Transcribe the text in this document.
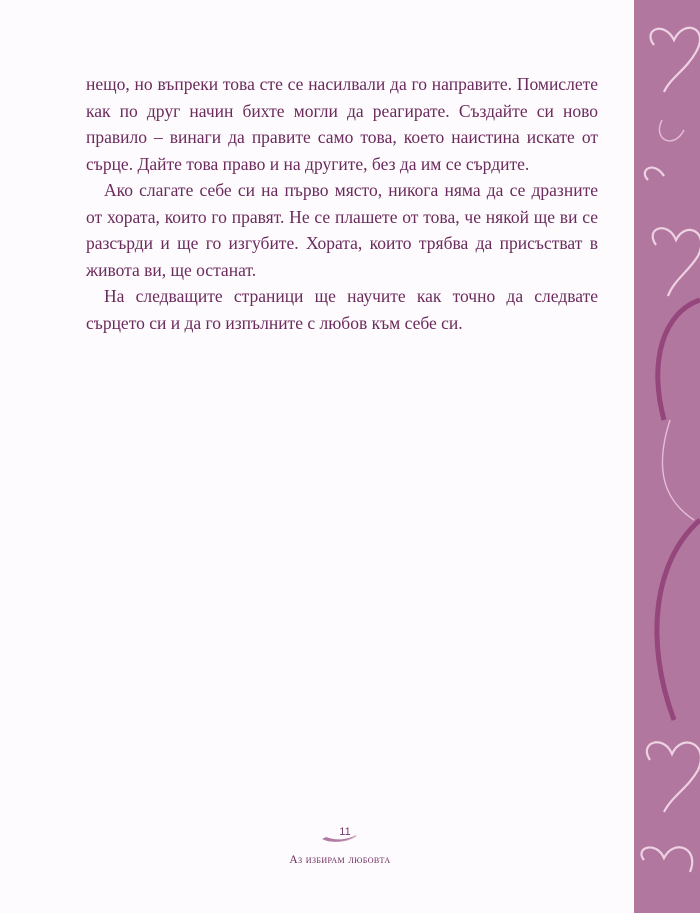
нещо, но въпреки това сте се насилвали да го направите. Помислете как по друг начин бихте могли да реагирате. Създайте си ново правило – винаги да правите само това, което наистина искате от сърце. Дайте това право и на другите, без да им се сърдите.

Ако слагате себе си на първо място, никога няма да се дразните от хората, които го правят. Не се плашете от това, че някой ще ви се разсърди и ще го изгубите. Хората, които трябва да присъстват в живота ви, ще останат.

На следващите страници ще научите как точно да следвате сърцето си и да го изпълните с любов към себе си.

11
Аз избирам любовта
